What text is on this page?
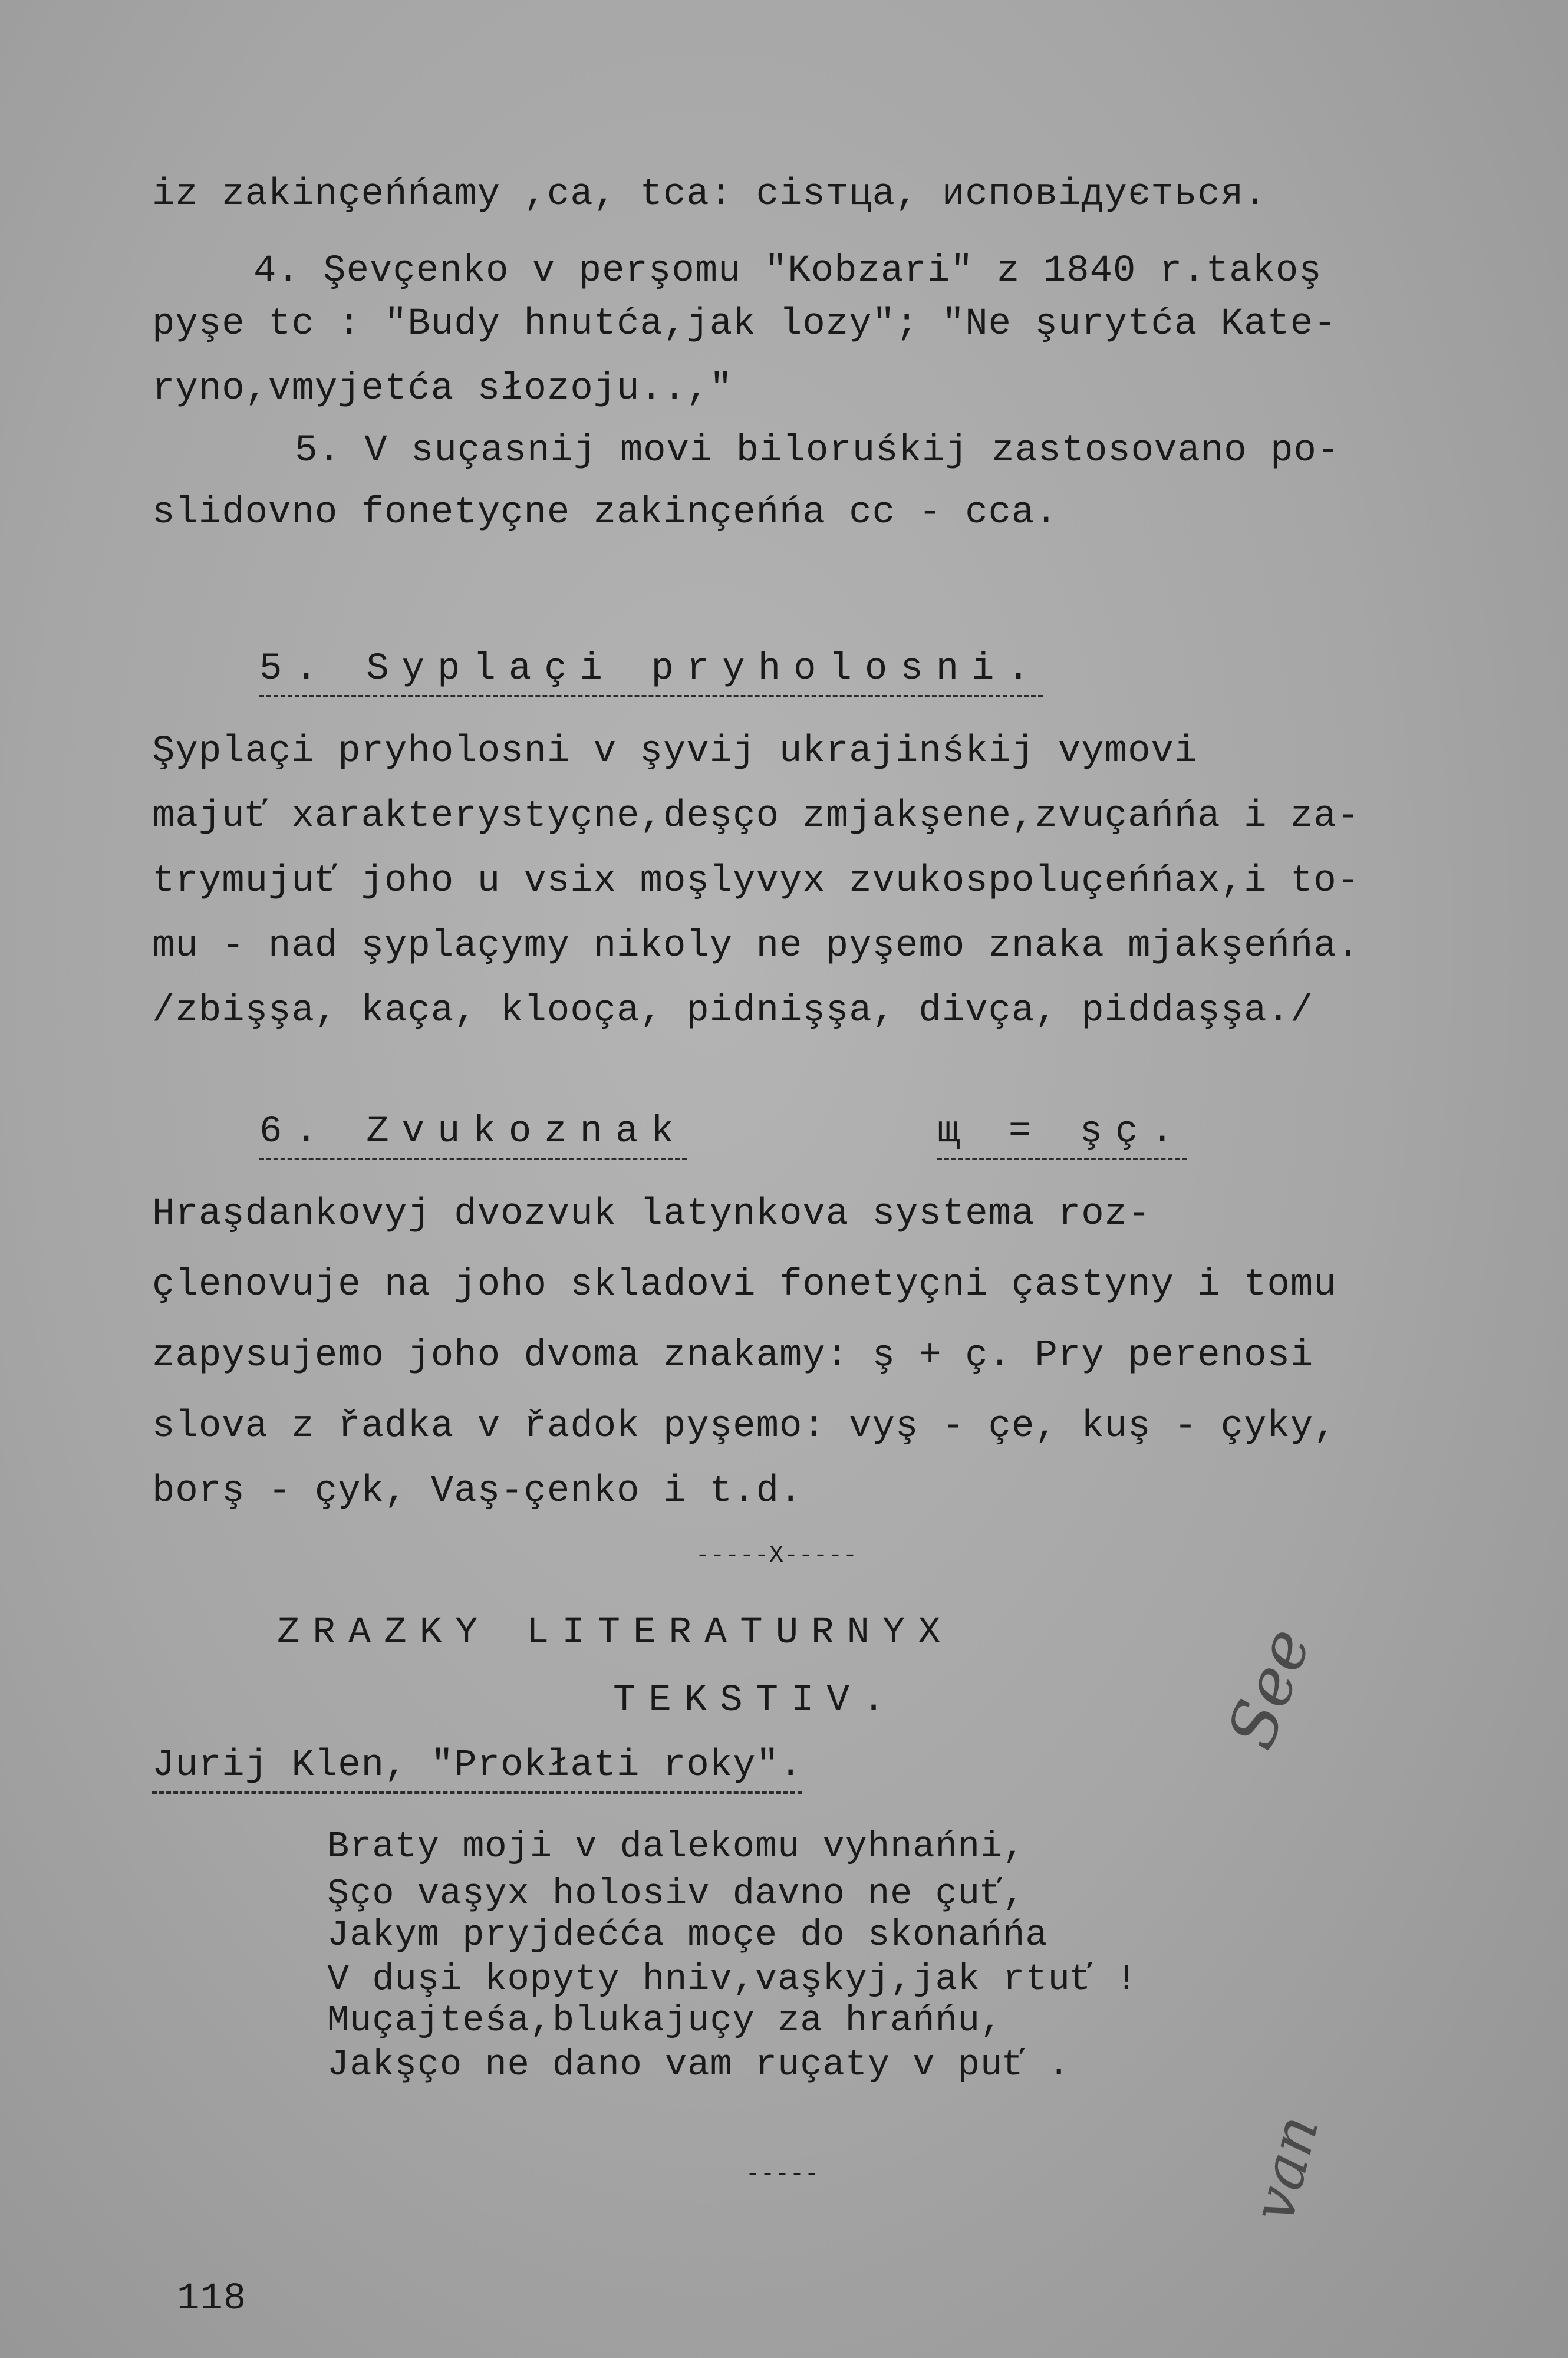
iz zakinçeńńamy ,ca, tca: cisтца, исповідується.
4. Şevçenko v perşomu "Kobzari" z 1840 r.takoş
pyşe tc : "Budy hnutća,jak lozy"; "Ne şurytća Kate-
ryno,vmyjetća słozoju..,"
5. V suçasnij movi biloruśkij zastosovano po-
slidovno fonetyçne zakinçeńńa cc - cca.
5. Syplaçi pryholosni.
Şyplaçi pryholosni v şyvij ukrajinśkij vymovi
majuť xarakterystyçne,deşço zmjakşene,zvuçańńa i za-
trymujuť joho u vsix moşlyvyx zvukospoluçeńńax,i to-
mu - nad şyplaçymy nikoly ne pyşemo znaka mjakşeńńa.
/zbişşa, kaça, klooça, pidnişşa, divça, piddaşşa./
6. Zvukoznak	щ = şç.
Hraşdankovyj dvozvuk latynkova systema roz-
çlenovuje na joho skladovi fonetyçni çastyny i tomu
zapysujemo joho dvoma znakamy: ş + ç. Pry perenosi
slova z řadka v řadok pyşemo: vyş - çe, kuş - çyky,
borş - çyk, Vaş-çenko i t.d.
-----X-----
ZRAZKY LITERATURNYX
TEKSTIV.
Jurij Klen, "Prokłati roky".
Braty moji v dalekomu vyhnańni,
Şço vaşyx holosiv davno ne çuť,
Jakym pryjdećća moçe do skonańńa
V duşi kopyty hniv,vaşkyj,jak rtuť !
Muçajteśa,blukajuçy za hrańńu,
Jakşço ne dano vam ruçaty v puť .
-----
118
See
van
